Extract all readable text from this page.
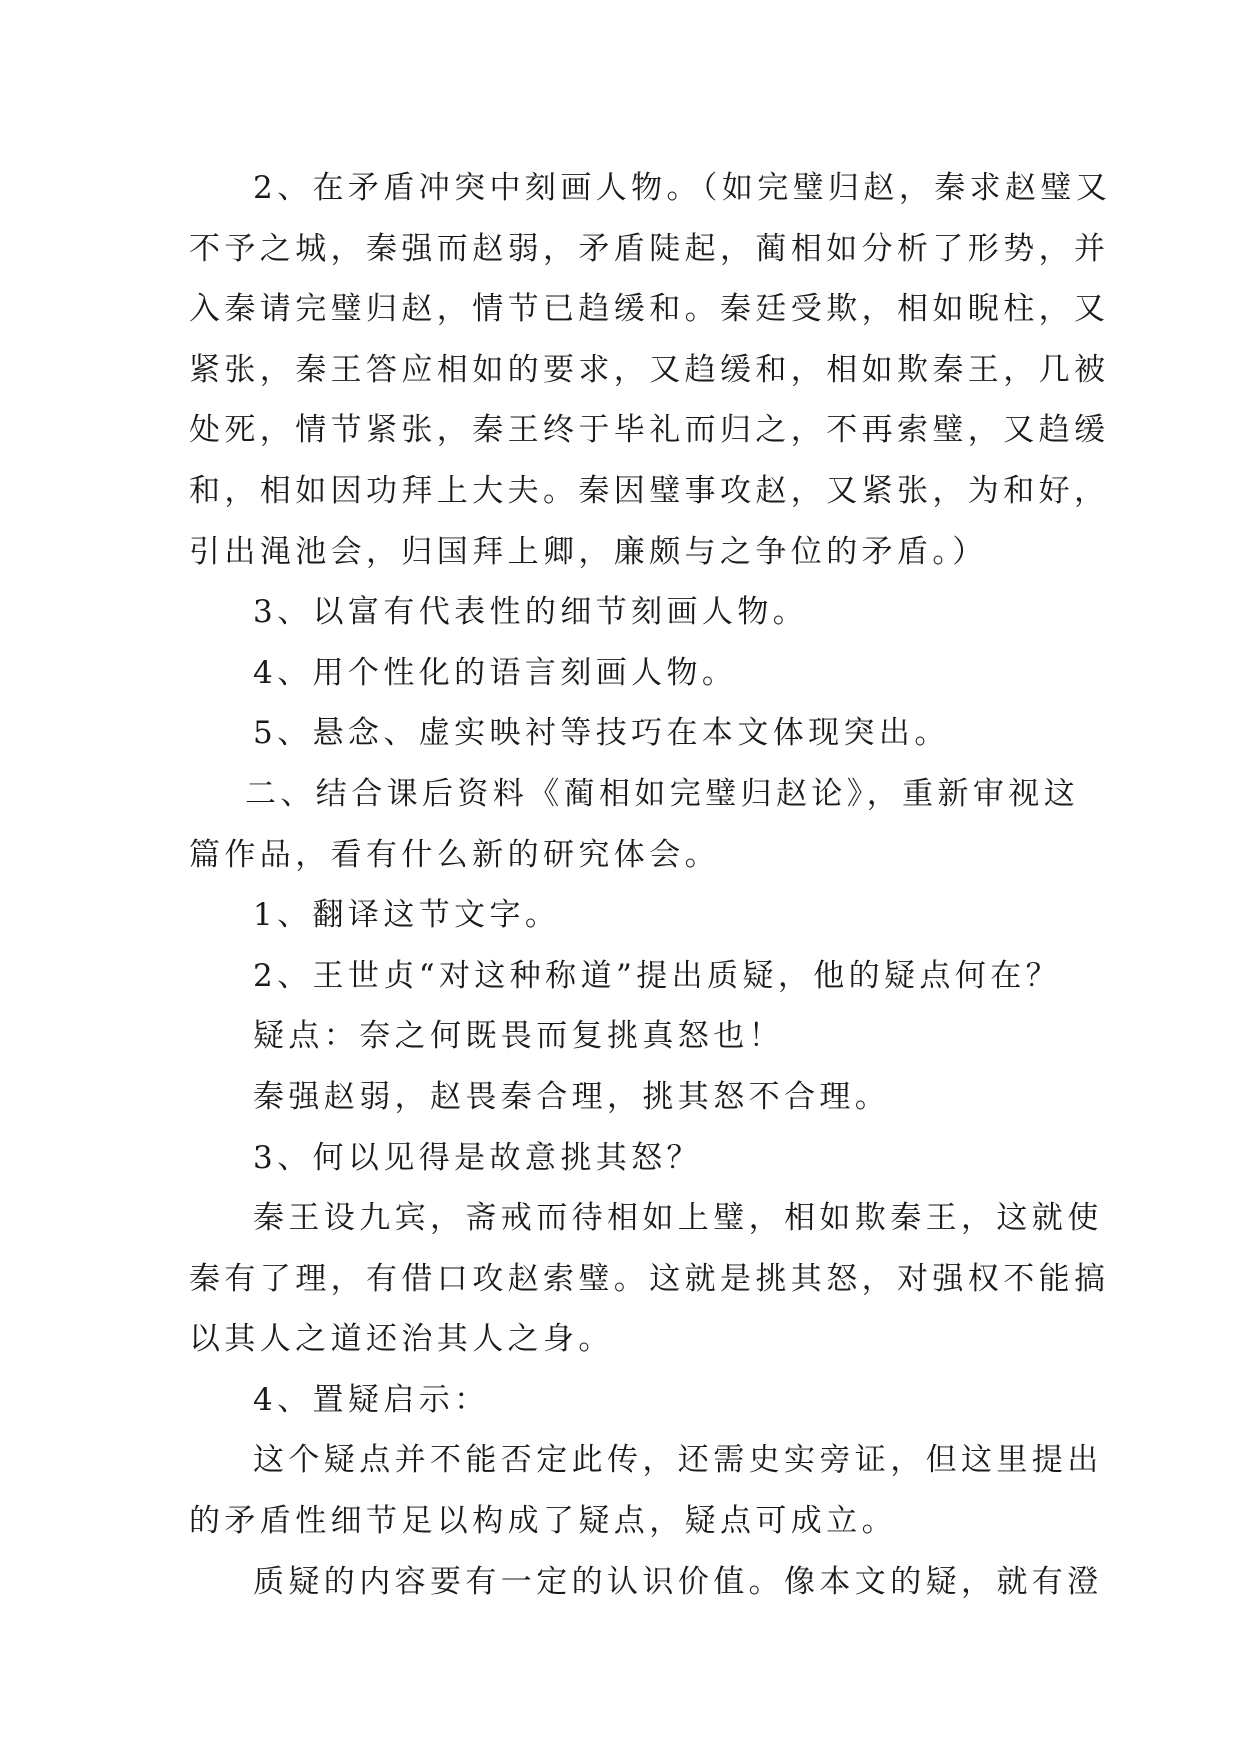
2、在矛盾冲突中刻画人物。（如完璧归赵，秦求赵璧又
不予之城，秦强而赵弱，矛盾陡起，蔺相如分析了形势，并
入秦请完璧归赵，情节已趋缓和。秦廷受欺，相如睨柱，又
紧张，秦王答应相如的要求，又趋缓和，相如欺秦王，几被
处死，情节紧张，秦王终于毕礼而归之，不再索璧，又趋缓
和，相如因功拜上大夫。秦因璧事攻赵，又紧张，为和好，
引出渑池会，归国拜上卿，廉颇与之争位的矛盾。）
3、以富有代表性的细节刻画人物。
4、用个性化的语言刻画人物。
5、悬念、虚实映衬等技巧在本文体现突出。
二、结合课后资料《蔺相如完璧归赵论》，重新审视这
篇作品，看有什么新的研究体会。
1、翻译这节文字。
2、王世贞“对这种称道”提出质疑，他的疑点何在？
疑点：奈之何既畏而复挑真怒也！
秦强赵弱，赵畏秦合理，挑其怒不合理。
3、何以见得是故意挑其怒？
秦王设九宾，斋戒而待相如上璧，相如欺秦王，这就使
秦有了理，有借口攻赵索璧。这就是挑其怒，对强权不能搞
以其人之道还治其人之身。
4、置疑启示：
这个疑点并不能否定此传，还需史实旁证，但这里提出
的矛盾性细节足以构成了疑点，疑点可成立。
质疑的内容要有一定的认识价值。像本文的疑，就有澄
